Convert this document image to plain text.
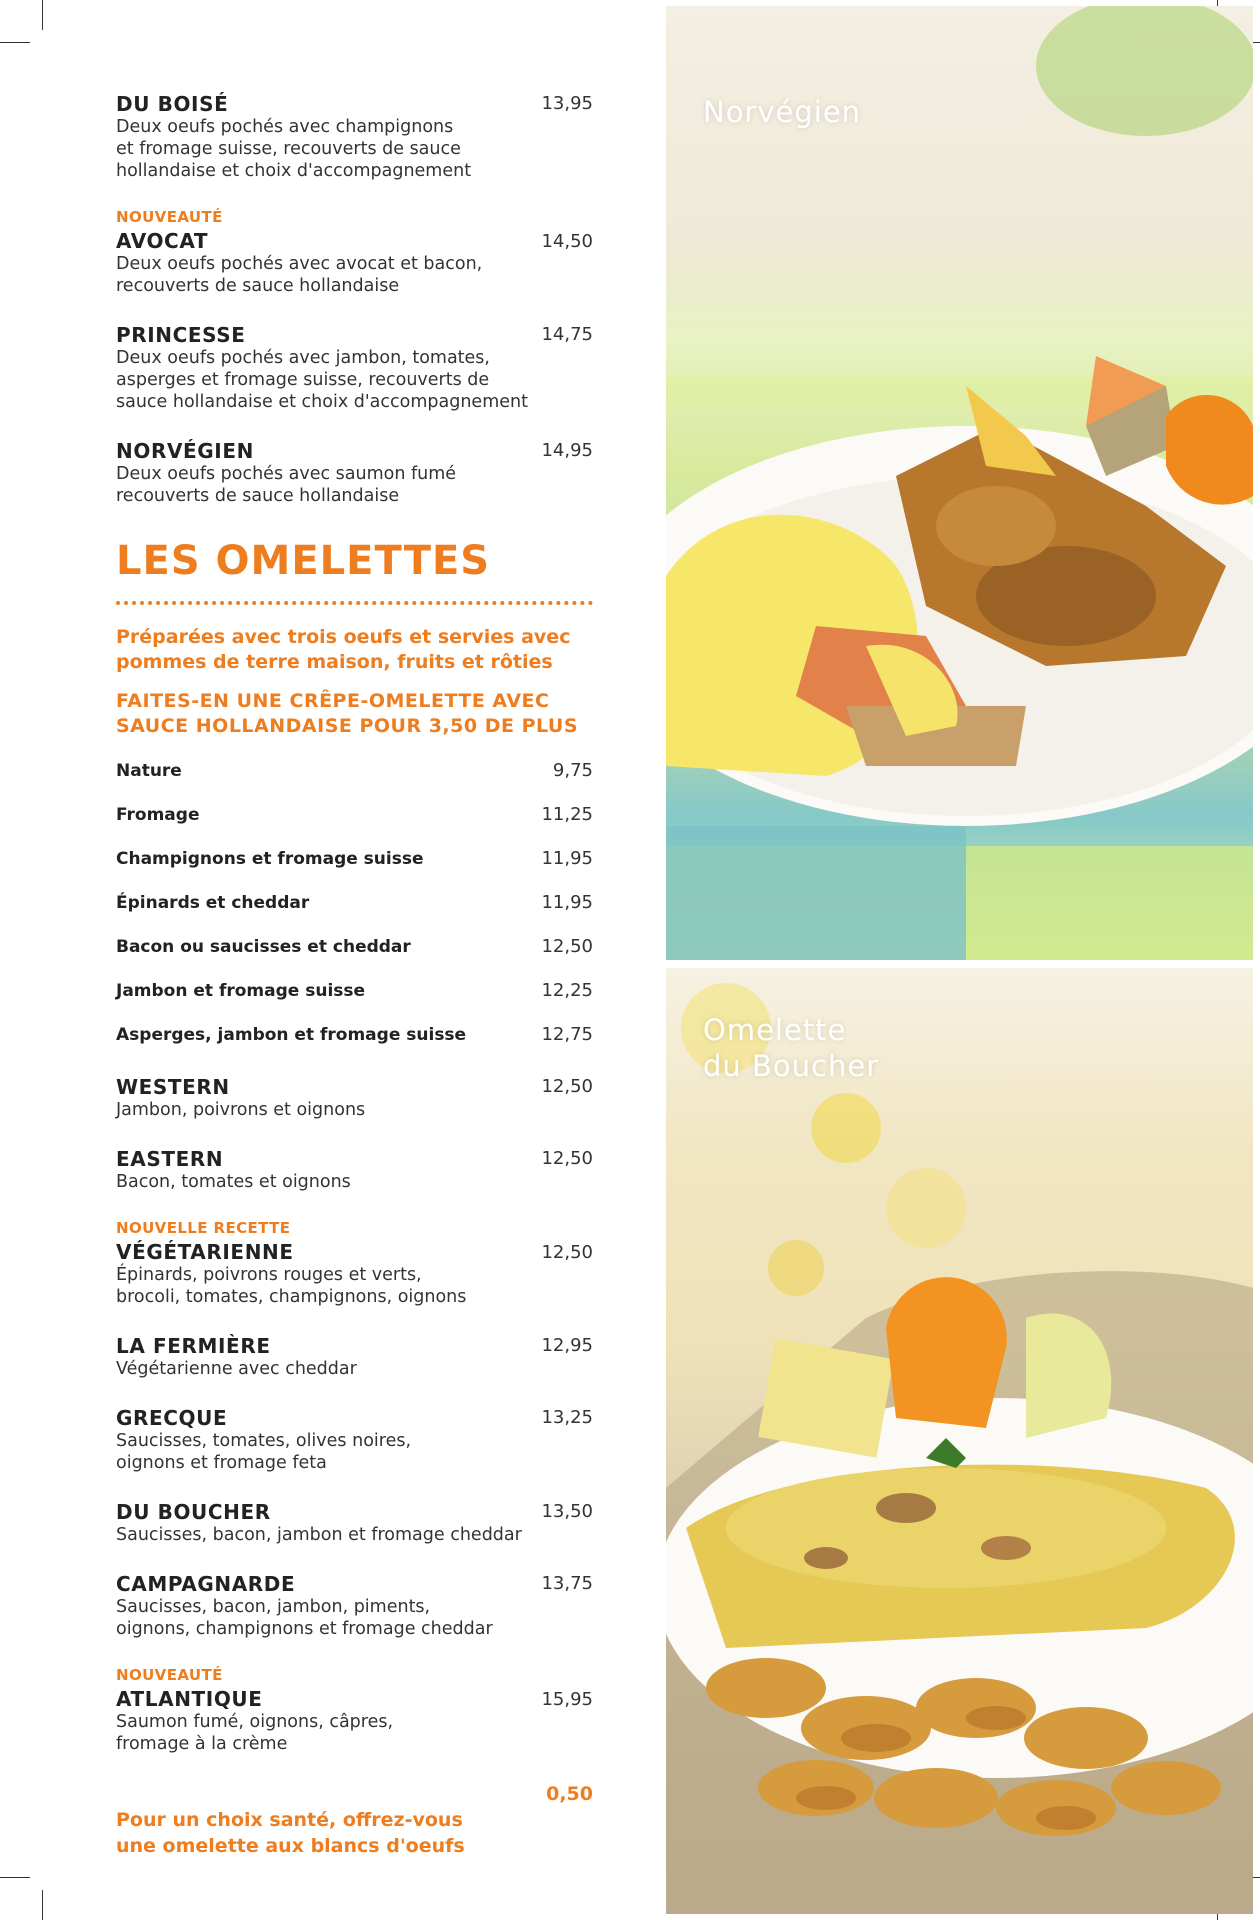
DU BOISÉ	13,95
Deux oeufs pochés avec champignons
et fromage suisse, recouverts de sauce
hollandaise et choix d'accompagnement
NOUVEAUTÉ
AVOCAT	14,50
Deux oeufs pochés avec avocat et bacon,
recouverts de sauce hollandaise
PRINCESSE	14,75
Deux oeufs pochés avec jambon, tomates,
asperges et fromage suisse, recouverts de
sauce hollandaise et choix d'accompagnement
NORVÉGIEN	14,95
Deux oeufs pochés avec saumon fumé
recouverts de sauce hollandaise
LES OMELETTES
Préparées avec trois oeufs et servies avec
pommes de terre maison, fruits et rôties
FAITES-EN UNE CRÊPE-OMELETTE AVEC
SAUCE HOLLANDAISE POUR 3,50 DE PLUS
Nature	9,75
Fromage	11,25
Champignons et fromage suisse	11,95
Épinards et cheddar	11,95
Bacon ou saucisses et cheddar	12,50
Jambon et fromage suisse	12,25
Asperges, jambon et fromage suisse	12,75
WESTERN	12,50
Jambon, poivrons et oignons
EASTERN	12,50
Bacon, tomates et oignons
NOUVELLE RECETTE
VÉGÉTARIENNE	12,50
Épinards, poivrons rouges et verts,
brocoli, tomates, champignons, oignons
LA FERMIÈRE	12,95
Végétarienne avec cheddar
GRECQUE	13,25
Saucisses, tomates, olives noires,
oignons et fromage feta
DU BOUCHER	13,50
Saucisses, bacon, jambon et fromage cheddar
CAMPAGNARDE	13,75
Saucisses, bacon, jambon, piments,
oignons, champignons et fromage cheddar
NOUVEAUTÉ
ATLANTIQUE	15,95
Saumon fumé, oignons, câpres,
fromage à la crème

Pour un choix santé, offrez-vous
une omelette aux blancs d'oeufs

0,50

Norvégien
Omelette
du Boucher
